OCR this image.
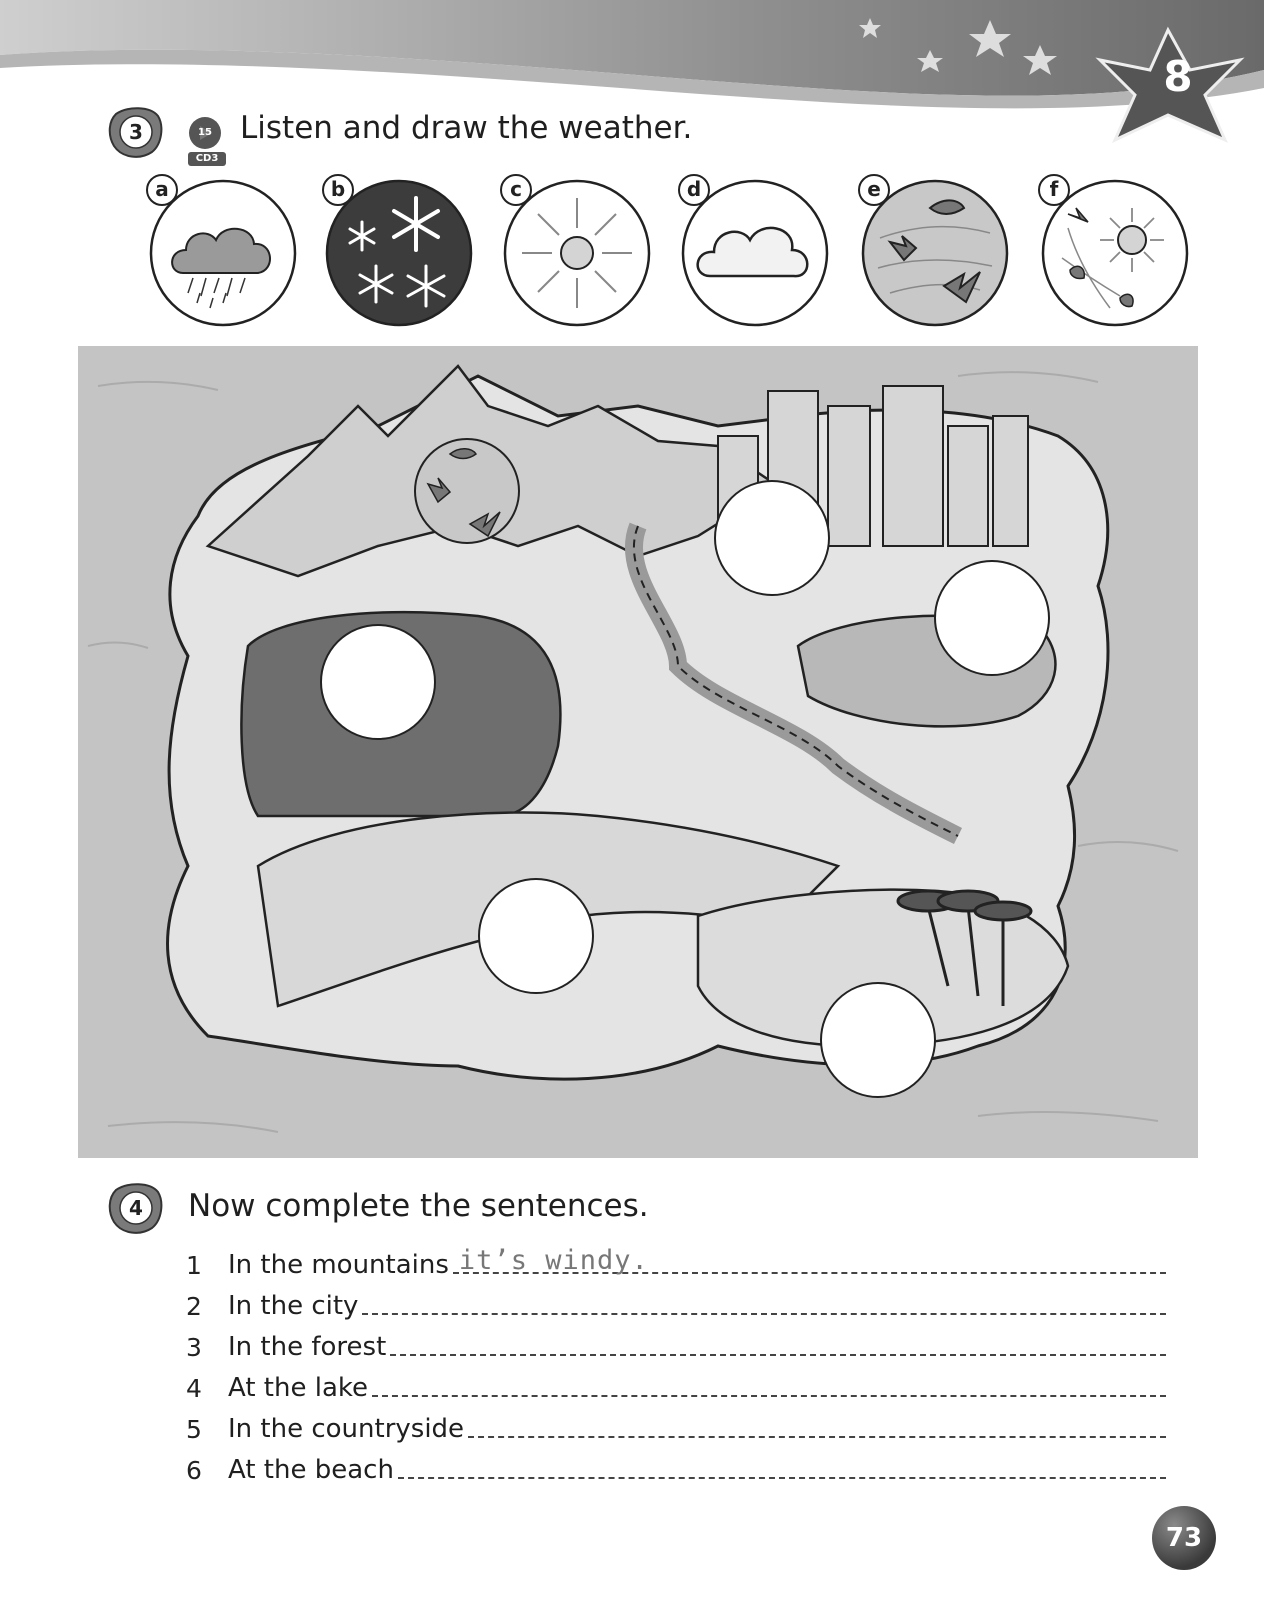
8
3	15
CD3
Listen and draw the weather.
a	b	c	d	e	f
4	Now complete the sentences.
1	In the mountains it’s windy.
2	In the city
3	In the forest
4	At the lake
5	In the countryside
6	At the beach
73
